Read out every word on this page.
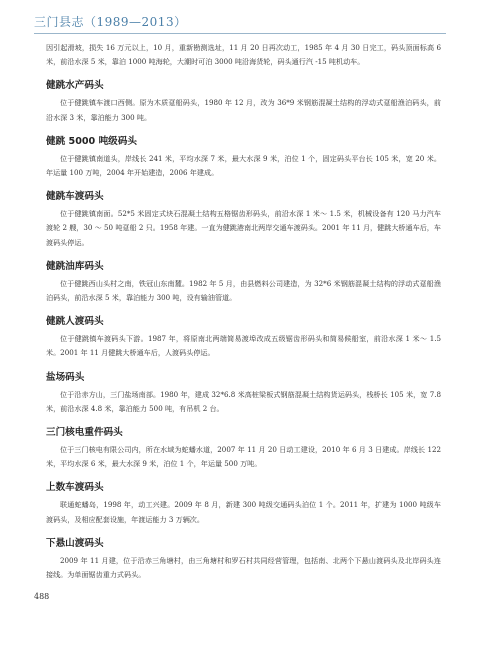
三门县志（1989—2013）

因引起滑坡，损失 16 万元以上，10 月，重新勘测选址，11 月 20 日再次动工，1985 年 4 月 30 日完工，码头顶面标高 6 米，前沿水深 5 米，靠泊 1000 吨海轮，大潮时可泊 3000 吨沿海货轮，码头通行汽 -15 吨机动车。

健跳水产码头

位于健跳镇车渡口西侧。原为木质趸船码头，1980 年 12 月，改为 36*9 米钢筋混凝土结构的浮动式趸船渔泊码头，前沿水深 3 米，靠泊能力 300 吨。

健跳 5000 吨级码头

位于健跳镇南道头，岸线长 241 米，平均水深 7 米，最大水深 9 米，泊位 1 个，固定码头平台长 105 米，宽 20 米。年运量 100 万吨，2004 年开始建造，2006 年建成。

健跳车渡码头

位于健跳镇南面。52*5 米固定式块石混凝土结构五格锯齿形码头，前沿水深 1 米～ 1.5 米，机械设备有 120 马力汽车渡轮 2 艘，30 ～ 50 吨趸船 2 只。1958 年建。一直为健跳港南北两岸交通车渡码头。2001 年 11 月，健跳大桥通车后，车渡码头停运。

健跳油库码头

位于健跳西山头村之南，铁冠山东南麓。1982 年 5 月，由县燃料公司建造，为 32*6 米钢筋混凝土结构的浮动式趸船渔泊码头，前沿水深 5 米，靠泊能力 300 吨，设有输油管道。

健跳人渡码头

位于健跳镇车渡码头下游。1987 年，将原南北两端简易渡埠改成五级锯齿形码头和简易候船室，前沿水深 1 米～ 1.5 米。2001 年 11 月健跳大桥通车后，人渡码头停运。

盐场码头

位于沿赤方山，三门盐场南部。1980 年，建成 32*6.8 米高桩梁板式钢筋混凝土结构货运码头，栈桥长 105 米，宽 7.8 米，前沿水深 4.8 米，靠泊能力 500 吨，有吊机 2 台。

三门核电重件码头

位于三门核电有限公司内，所在水域为蛇蟠水道，2007 年 11 月 20 日动工建设，2010 年 6 月 3 日建成。岸线长 122 米，平均水深 6 米，最大水深 9 米，泊位 1 个，年运量 500 万吨。

上数车渡码头

联通蛇蟠岛，1998 年，动工兴建。2009 年 8 月，新建 300 吨级交通码头泊位 1 个。2011 年，扩建为 1000 吨级车渡码头，及相应配套设施，年渡运能力 3 万辆次。

下悬山渡码头

2009 年 11 月建，位于沿赤三角塘村，由三角塘村和罗石村共同经营管理，包括南、北两个下悬山渡码头及北岸码头连接线。为单面锯齿重力式码头。

488
